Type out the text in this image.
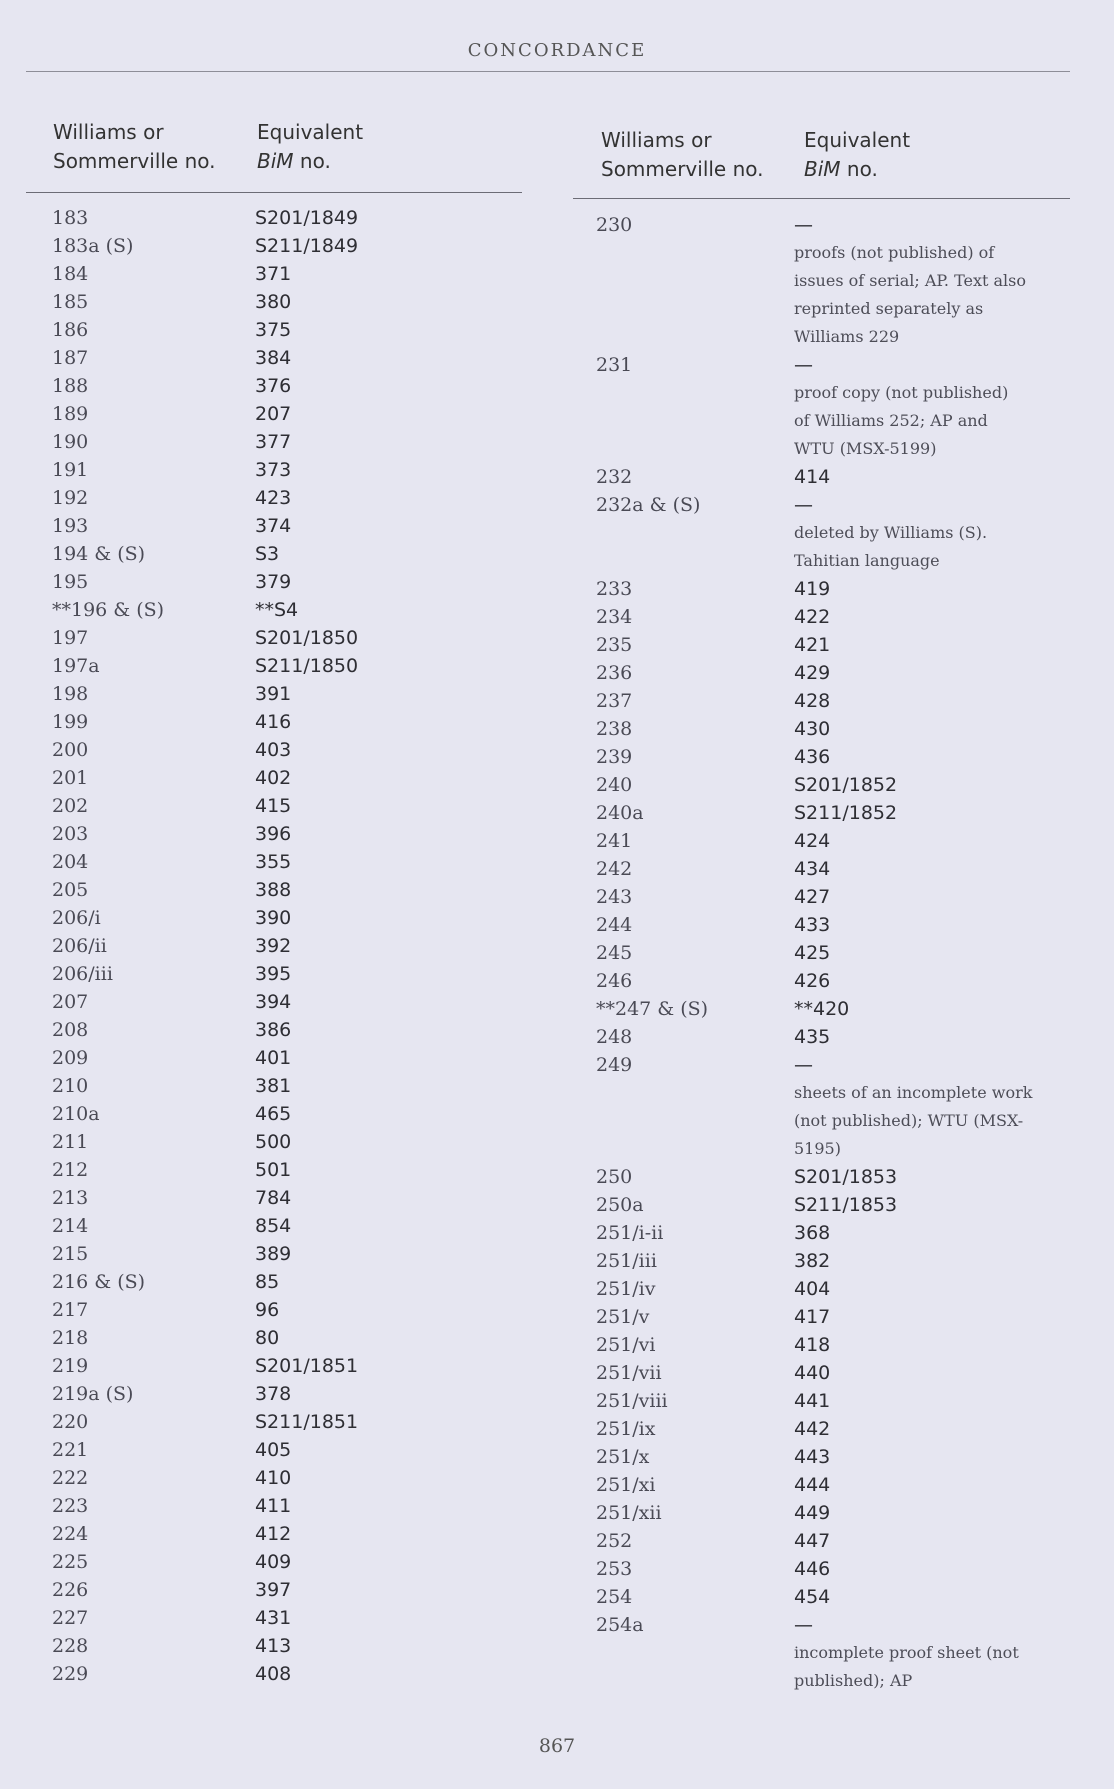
CONCORDANCE
Williams or
Sommerville no.
Equivalent
BiM no.
183	S201/1849
183a (S)	S211/1849
184	371
185	380
186	375
187	384
188	376
189	207
190	377
191	373
192	423
193	374
194 & (S)	S3
195	379
**196 & (S)	**S4
197	S201/1850
197a	S211/1850
198	391
199	416
200	403
201	402
202	415
203	396
204	355
205	388
206/i	390
206/ii	392
206/iii	395
207	394
208	386
209	401
210	381
210a	465
211	500
212	501
213	784
214	854
215	389
216 & (S)	85
217	96
218	80
219	S201/1851
219a (S)	378
220	S211/1851
221	405
222	410
223	411
224	412
225	409
226	397
227	431
228	413
229	408
Williams or
Sommerville no.
Equivalent
BiM no.
230	—
proofs (not published) of
issues of serial; AP. Text also
reprinted separately as
Williams 229
231	—
proof copy (not published)
of Williams 252; AP and
WTU (MSX-5199)
232	414
232a & (S)	—
deleted by Williams (S).
Tahitian language
233	419
234	422
235	421
236	429
237	428
238	430
239	436
240	S201/1852
240a	S211/1852
241	424
242	434
243	427
244	433
245	425
246	426
**247 & (S)	**420
248	435
249	—
sheets of an incomplete work
(not published); WTU (MSX-
5195)
250	S201/1853
250a	S211/1853
251/i-ii	368
251/iii	382
251/iv	404
251/v	417
251/vi	418
251/vii	440
251/viii	441
251/ix	442
251/x	443
251/xi	444
251/xii	449
252	447
253	446
254	454
254a	—
incomplete proof sheet (not
published); AP
867
